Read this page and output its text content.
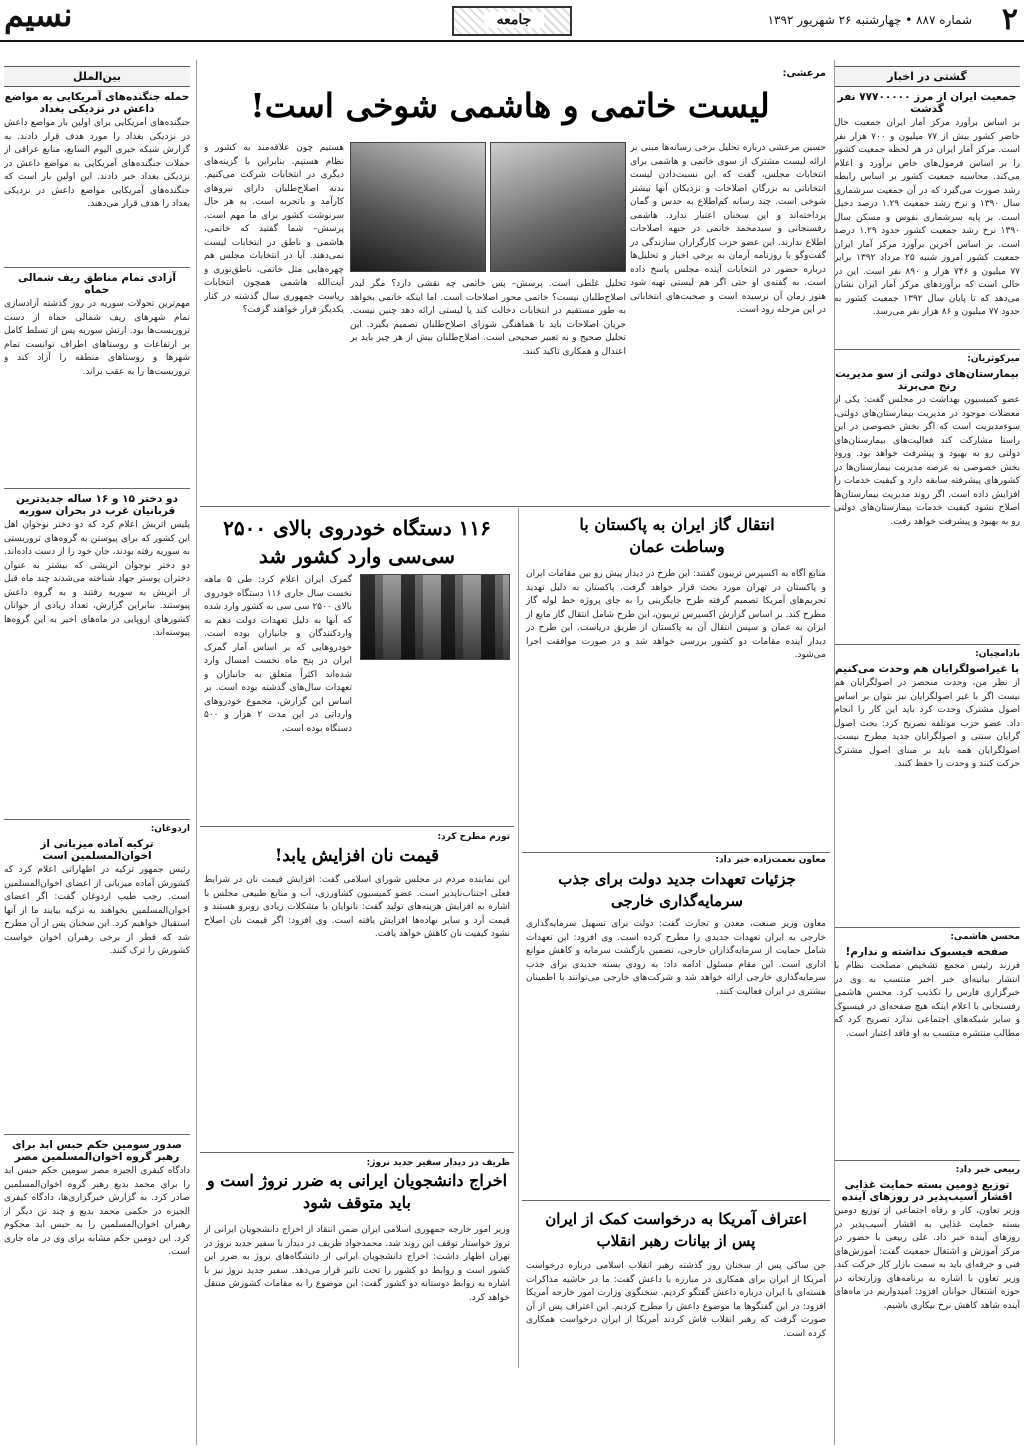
۲
شماره ۸۸۷ • چهارشنبه ۲۶ شهریور ۱۳۹۲
جامعه
نسیم
گشتی در اخبار
جمعیت ایران از مرز ۷۷۷۰۰۰۰۰ نفر گذشت
بر اساس برآورد مرکز آمار ایران جمعیت حال حاضر کشور بیش از ۷۷ میلیون و ۷۰۰ هزار نفر است. مرکز آمار ایران در هر لحظه جمعیت کشور را بر اساس فرمول‌های خاص برآورد و اعلام می‌کند. محاسبه جمعیت کشور بر اساس رابطه رشد صورت می‌گیرد که در آن جمعیت سرشماری سال ۱۳۹۰ و نرخ رشد جمعیت ۱.۲۹ درصد دخیل است. بر پایه سرشماری نفوس و مسکن سال ۱۳۹۰ نرخ رشد جمعیت کشور حدود ۱.۲۹ درصد است. بر اساس آخرین برآورد مرکز آمار ایران جمعیت کشور امروز شنبه ۲۵ مرداد ۱۳۹۲ برابر ۷۷ میلیون و ۷۴۶ هزار و ۸۹۰ نفر است. این در حالی است که برآوردهای مرکز آمار ایران نشان می‌دهد که تا پایان سال ۱۳۹۲ جمعیت کشور به حدود ۷۷ میلیون و ۸۶ هزار نفر می‌رسد.
میرکوثریان:
بیمارستان‌های دولتی از سو مدیریت رنج می‌برند
عضو کمیسیون بهداشت در مجلس گفت: یکی از معضلات موجود در مدیریت بیمارستان‌های دولتی، سوءمدیریت است که اگر بخش خصوصی در این راستا مشارکت کند فعالیت‌های بیمارستان‌های دولتی رو به بهبود و پیشرفت خواهد بود. ورود بخش خصوصی به عرصه مدیریت بیمارستان‌ها در کشورهای پیشرفته سابقه دارد و کیفیت خدمات را افزایش داده است. اگر روند مدیریت بیمارستان‌ها اصلاح نشود کیفیت خدمات بیمارستان‌های دولتی رو به بهبود و پیشرفت خواهد رفت.
بادامچیان:
با غیراصولگرایان هم وحدت می‌کنیم
از نظر من، وحدت منحصر در اصولگرایان هم نیست اگر با غیر اصولگرایان نیز بتوان بر اساس اصول مشترک وحدت کرد باید این کار را انجام داد. عضو حزب موتلفه تصریح کرد: بحث اصول گرایان سنتی و اصولگرایان جدید مطرح نیست. اصولگرایان همه باید بر مبنای اصول مشترک حرکت کنند و وحدت را حفظ کنند.
محسن هاشمی:
صفحه فیسبوک نداشته و ندارم!
فرزند رئیس مجمع تشخیص مصلحت نظام با انتشار بیانیه‌ای خبر اخیر منتسب به وی در خبرگزاری فارس را تکذیب کرد. محسن هاشمی رفسنجانی با اعلام اینکه هیچ صفحه‌ای در فیسبوک و سایر شبکه‌های اجتماعی ندارد تصریح کرد که مطالب منتشره منتسب به او فاقد اعتبار است.
ربیعی خبر داد:
توزیع دومین بسته حمایت غذایی اقشار آسیب‌پذیر در روزهای آینده
وزیر تعاون، کار و رفاه اجتماعی از توزیع دومین بسته حمایت غذایی به اقشار آسیب‌پذیر در روزهای آینده خبر داد. علی ربیعی با حضور در مرکز آموزش و اشتغال جمعیت گفت: آموزش‌های فنی و حرفه‌ای باید به سمت بازار کار حرکت کند. وزیر تعاون با اشاره به برنامه‌های وزارتخانه در حوزه اشتغال جوانان افزود: امیدواریم در ماه‌های آینده شاهد کاهش نرخ بیکاری باشیم.
بین‌الملل
حمله جنگنده‌های آمریکایی به مواضع داعش در نزدیکی بغداد
جنگنده‌های آمریکایی برای اولین بار مواضع داعش در نزدیکی بغداد را مورد هدف قرار دادند. به گزارش شبکه خبری الیوم السابع، منابع عراقی از حملات جنگنده‌های آمریکایی به مواضع داعش در نزدیکی بغداد خبر دادند. این اولین بار است که جنگنده‌های آمریکایی مواضع داعش در نزدیکی بغداد را هدف قرار می‌دهند.
آزادی تمام مناطق ریف شمالی حماه
مهم‌ترین تحولات سوریه در روز گذشته آزادسازی تمام شهرهای ریف شمالی حماه از دست تروریست‌ها بود. ارتش سوریه پس از تسلط کامل بر ارتفاعات و روستاهای اطراف توانست تمام شهرها و روستاهای منطقه را آزاد کند و تروریست‌ها را به عقب براند.
دو دختر ۱۵ و ۱۶ ساله جدیدترین قربانیان غرب در بحران سوریه
پلیس اتریش اعلام کرد که دو دختر نوجوان اهل این کشور که برای پیوستن به گروه‌های تروریستی به سوریه رفته بودند، جان خود را از دست داده‌اند. دو دختر نوجوان اتریشی که بیشتر به عنوان دختران پوستر جهاد شناخته می‌شدند چند ماه قبل از اتریش به سوریه رفتند و به گروه داعش پیوستند. بنابراین گزارش، تعداد زیادی از جوانان کشورهای اروپایی در ماه‌های اخیر به این گروه‌ها پیوسته‌اند.
اردوغان:
ترکیه آماده میزبانی از اخوان‌المسلمین است
رئیس جمهور ترکیه در اظهاراتی اعلام کرد که کشورش آماده میزبانی از اعضای اخوان‌المسلمین است. رجب طیب اردوغان گفت: اگر اعضای اخوان‌المسلمین بخواهند به ترکیه بیایند ما از آنها استقبال خواهیم کرد. این سخنان پس از آن مطرح شد که قطر از برخی رهبران اخوان خواست کشورش را ترک کنند.
صدور سومین حکم حبس ابد برای رهبر گروه اخوان‌المسلمین مصر
دادگاه کیفری الجیزه مصر سومین حکم حبس ابد را برای محمد بدیع رهبر گروه اخوان‌المسلمین صادر کرد. به گزارش خبرگزاری‌ها، دادگاه کیفری الجیزه در حکمی محمد بدیع و چند تن دیگر از رهبران اخوان‌المسلمین را به حبس ابد محکوم کرد. این دومین حکم مشابه برای وی در ماه جاری است.
مرعشی:
لیست خاتمی و هاشمی شوخی است!
حسین مرعشی درباره تحلیل برخی رسانه‌ها مبنی بر ارائه لیست مشترک از سوی خاتمی و هاشمی برای انتخابات مجلس، گفت که این نسبت‌دادن لیست انتخاباتی به بزرگان اصلاحات و نزدیکان آنها بیشتر شوخی است. چند رسانه کم‌اطلاع به حدس و گمان پرداخته‌اند و این سخنان اعتبار ندارد. هاشمی رفسنجانی و سیدمحمد خاتمی در جبهه اصلاحات اطلاع ندارند. این عضو حزب کارگزاران سازندگی در گفت‌وگو با روزنامه آرمان به برخی اخبار و تحلیل‌ها درباره حضور در انتخابات آینده مجلس پاسخ داده است. به گفته‌ی او حتی اگر هم لیستی تهیه شود هنوز زمان آن نرسیده است و صحبت‌های انتخاباتی در این مرحله زود است.
تحلیل غلطی است. پرسش– پس خاتمی چه نقشی دارد؟ مگر لیدر اصلاح‌طلبان نیست؟ خاتمی محور اصلاحات است. اما اینکه خاتمی بخواهد به طور مستقیم در انتخابات دخالت کند یا لیستی ارائه دهد چنین نیست. جریان اصلاحات باید با هماهنگی شورای اصلاح‌طلبان تصمیم بگیرد. این تحلیل صحیح و نه تعبیر صحیحی است. اصلاح‌طلبان بیش از هر چیز باید بر اعتدال و همکاری تاکید کنند.
هستیم چون علاقه‌مند به کشور و نظام هستیم. بنابراین با گزینه‌های دیگری در انتخابات شرکت می‌کنیم. بدنه اصلاح‌طلبان دارای نیروهای کارآمد و باتجربه است. به هر حال سرنوشت کشور برای ما مهم است. پرسش– شما گفتید که خاتمی، هاشمی و ناطق در انتخابات لیست نمی‌دهند. آیا در انتخابات مجلس هم چهره‌هایی مثل خاتمی، ناطق‌نوری و آیت‌الله هاشمی همچون انتخابات ریاست جمهوری سال گذشته در کنار یکدیگر قرار خواهند گرفت؟
انتقال گاز ایران به پاکستان با وساطت عمان
منابع آگاه به اکسپرس تریبون گفتند: این طرح در دیدار پیش رو بین مقامات ایران و پاکستان در تهران مورد بحث قرار خواهد گرفت. پاکستان به دلیل تهدید تحریم‌های آمریکا تصمیم گرفته طرح جایگزینی را به جای پروژه خط لوله گاز مطرح کند. بر اساس گزارش اکسپرس تریبون، این طرح شامل انتقال گاز مایع از ایران به عمان و سپس انتقال آن به پاکستان از طریق دریاست. این طرح در دیدار آینده مقامات دو کشور بررسی خواهد شد و در صورت موافقت اجرا می‌شود.
۱۱۶ دستگاه خودروی بالای ۲۵۰۰ سی‌سی وارد کشور شد
گمرک ایران اعلام کرد: طی ۵ ماهه نخست سال جاری ۱۱۶ دستگاه خودروی بالای ۲۵۰۰ سی سی به کشور وارد شده که آنها به دلیل تعهدات دولت دهم به واردکنندگان و جانبازان بوده است. خودروهایی که بر اساس آمار گمرک ایران در پنج ماه نخست امسال وارد شده‌اند اکثراً متعلق به جانبازان و تعهدات سال‌های گذشته بوده است. بر اساس این گزارش، مجموع خودروهای وارداتی در این مدت ۲ هزار و ۵۰۰ دستگاه بوده است.
معاون نعمت‌زاده خبر داد:
جزئیات تعهدات جدید دولت برای جذب سرمایه‌گذاری خارجی
معاون وزیر صنعت، معدن و تجارت گفت: دولت برای تسهیل سرمایه‌گذاری خارجی به ایران تعهدات جدیدی را مطرح کرده است. وی افزود: این تعهدات شامل حمایت از سرمایه‌گذاران خارجی، تضمین بازگشت سرمایه و کاهش موانع اداری است. این مقام مسئول ادامه داد: به زودی بسته جدیدی برای جذب سرمایه‌گذاری خارجی ارائه خواهد شد و شرکت‌های خارجی می‌توانند با اطمینان بیشتری در ایران فعالیت کنند.
تورم مطرح کرد:
قیمت نان افزایش یابد!
این نماینده مردم در مجلس شورای اسلامی گفت: افزایش قیمت نان در شرایط فعلی اجتناب‌ناپذیر است. عضو کمیسیون کشاورزی، آب و منابع طبیعی مجلس با اشاره به افزایش هزینه‌های تولید گفت: نانوایان با مشکلات زیادی روبرو هستند و قیمت آرد و سایر نهاده‌ها افزایش یافته است. وی افزود: اگر قیمت نان اصلاح نشود کیفیت نان کاهش خواهد یافت.
ظریف در دیدار سفیر جدید نروژ:
اخراج دانشجویان ایرانی به ضرر نروژ است و باید متوقف شود
وزیر امور خارجه جمهوری اسلامی ایران ضمن انتقاد از اخراج دانشجویان ایرانی از نروژ خواستار توقف این روند شد. محمدجواد ظریف در دیدار با سفیر جدید نروژ در تهران اظهار داشت: اخراج دانشجویان ایرانی از دانشگاه‌های نروژ به ضرر این کشور است و روابط دو کشور را تحت تاثیر قرار می‌دهد. سفیر جدید نروژ نیز با اشاره به روابط دوستانه دو کشور گفت: این موضوع را به مقامات کشورش منتقل خواهد کرد.
اعتراف آمریکا به درخواست کمک از ایران پس از بیانات رهبر انقلاب
جن ساکی پس از سخنان روز گذشته رهبر انقلاب اسلامی درباره درخواست آمریکا از ایران برای همکاری در مبارزه با داعش گفت: ما در حاشیه مذاکرات هسته‌ای با ایران درباره داعش گفتگو کردیم. سخنگوی وزارت امور خارجه آمریکا افزود: در این گفتگوها ما موضوع داعش را مطرح کردیم. این اعتراف پس از آن صورت گرفت که رهبر انقلاب فاش کردند آمریکا از ایران درخواست همکاری کرده است.
